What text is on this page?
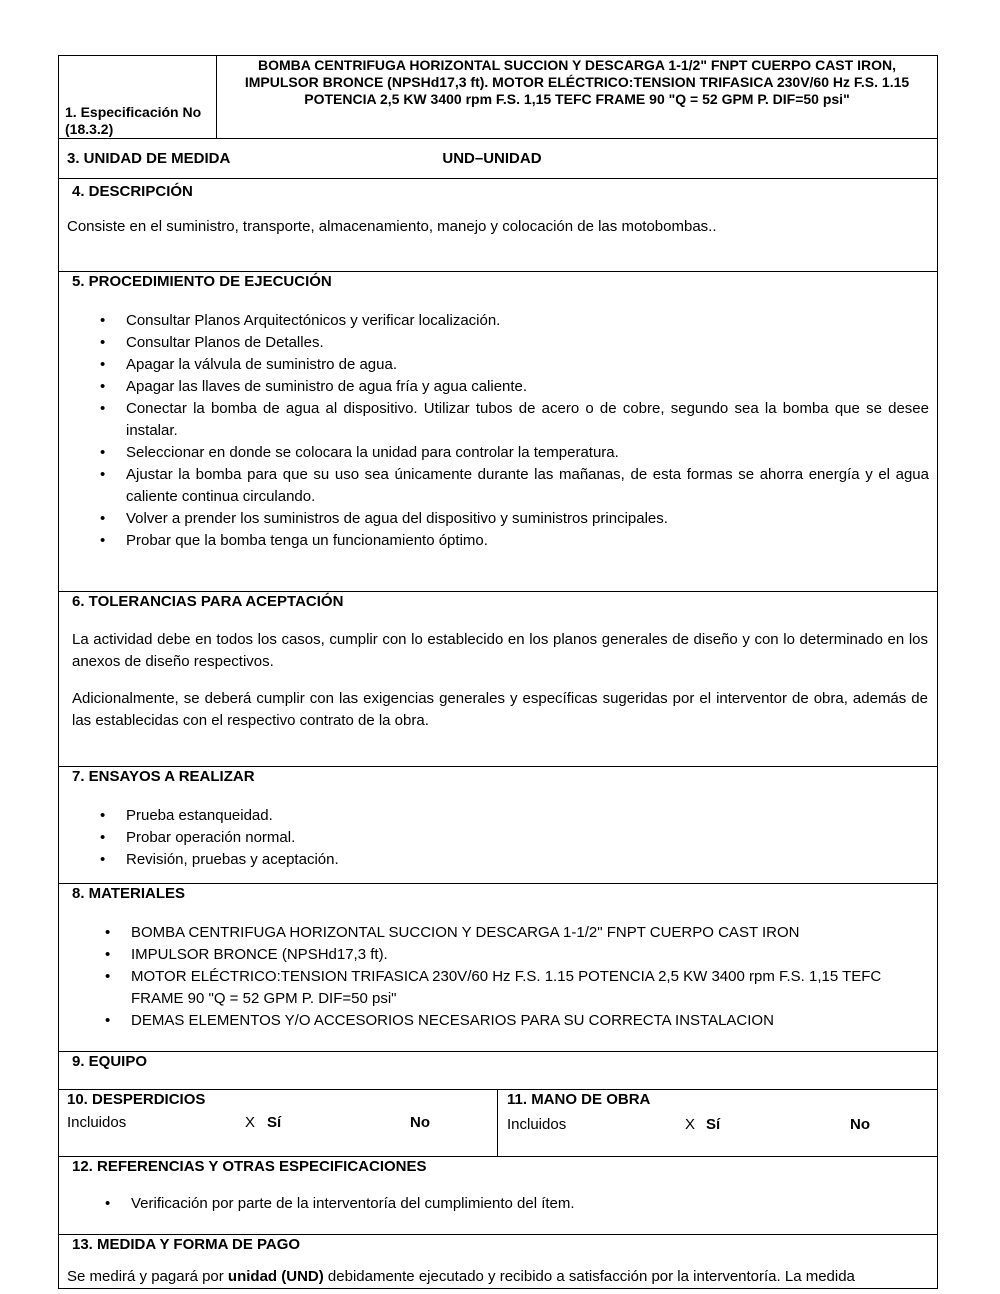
1. Especificación No (18.3.2)
BOMBA CENTRIFUGA HORIZONTAL SUCCION Y DESCARGA 1-1/2" FNPT CUERPO CAST IRON, IMPULSOR BRONCE (NPSHd17,3 ft). MOTOR ELÉCTRICO:TENSION TRIFASICA 230V/60 Hz F.S. 1.15 POTENCIA 2,5 KW 3400 rpm F.S. 1,15 TEFC FRAME 90 "Q = 52 GPM P. DIF=50 psi"
3. UNIDAD DE MEDIDA	UND–UNIDAD
4. DESCRIPCIÓN

Consiste en el suministro, transporte, almacenamiento, manejo y colocación de las motobombas..

5. PROCEDIMIENTO DE EJECUCIÓN
• Consultar Planos Arquitectónicos y verificar localización.
• Consultar Planos de Detalles.
• Apagar la válvula de suministro de agua.
• Apagar las llaves de suministro de agua fría y agua caliente.
• Conectar la bomba de agua al dispositivo. Utilizar tubos de acero o de cobre, segundo sea la bomba que se desee instalar.
• Seleccionar en donde se colocara la unidad para controlar la temperatura.
• Ajustar la bomba para que su uso sea únicamente durante las mañanas, de esta formas se ahorra energía y el agua caliente continua circulando.
• Volver a prender los suministros de agua del dispositivo y suministros principales.
• Probar que la bomba tenga un funcionamiento óptimo.
6. TOLERANCIAS PARA ACEPTACIÓN

La actividad debe en todos los casos, cumplir con lo establecido en los planos generales de diseño y con lo determinado en los anexos de diseño respectivos.

Adicionalmente, se deberá cumplir con las exigencias generales y específicas sugeridas por el interventor de obra, además de las establecidas con el respectivo contrato de la obra.

7. ENSAYOS A REALIZAR
• Prueba estanqueidad.
• Probar operación normal.
• Revisión, pruebas y aceptación.
8. MATERIALES
• BOMBA CENTRIFUGA HORIZONTAL SUCCION Y DESCARGA 1-1/2" FNPT CUERPO CAST IRON
• IMPULSOR BRONCE (NPSHd17,3 ft).
• MOTOR ELÉCTRICO:TENSION TRIFASICA 230V/60 Hz F.S. 1.15 POTENCIA 2,5 KW 3400 rpm F.S. 1,15 TEFC FRAME 90 "Q = 52 GPM P. DIF=50 psi"
• DEMAS ELEMENTOS Y/O ACCESORIOS NECESARIOS PARA SU CORRECTA INSTALACION
9. EQUIPO
10. DESPERDICIOS
Incluidos	X Sí	No
11. MANO DE OBRA
Incluidos	X Sí	No
12. REFERENCIAS Y OTRAS ESPECIFICACIONES
• Verificación por parte de la interventoría del cumplimiento del ítem.
13. MEDIDA Y FORMA DE PAGO

Se medirá y pagará por unidad (UND) debidamente ejecutado y recibido a satisfacción por la interventoría. La medida
